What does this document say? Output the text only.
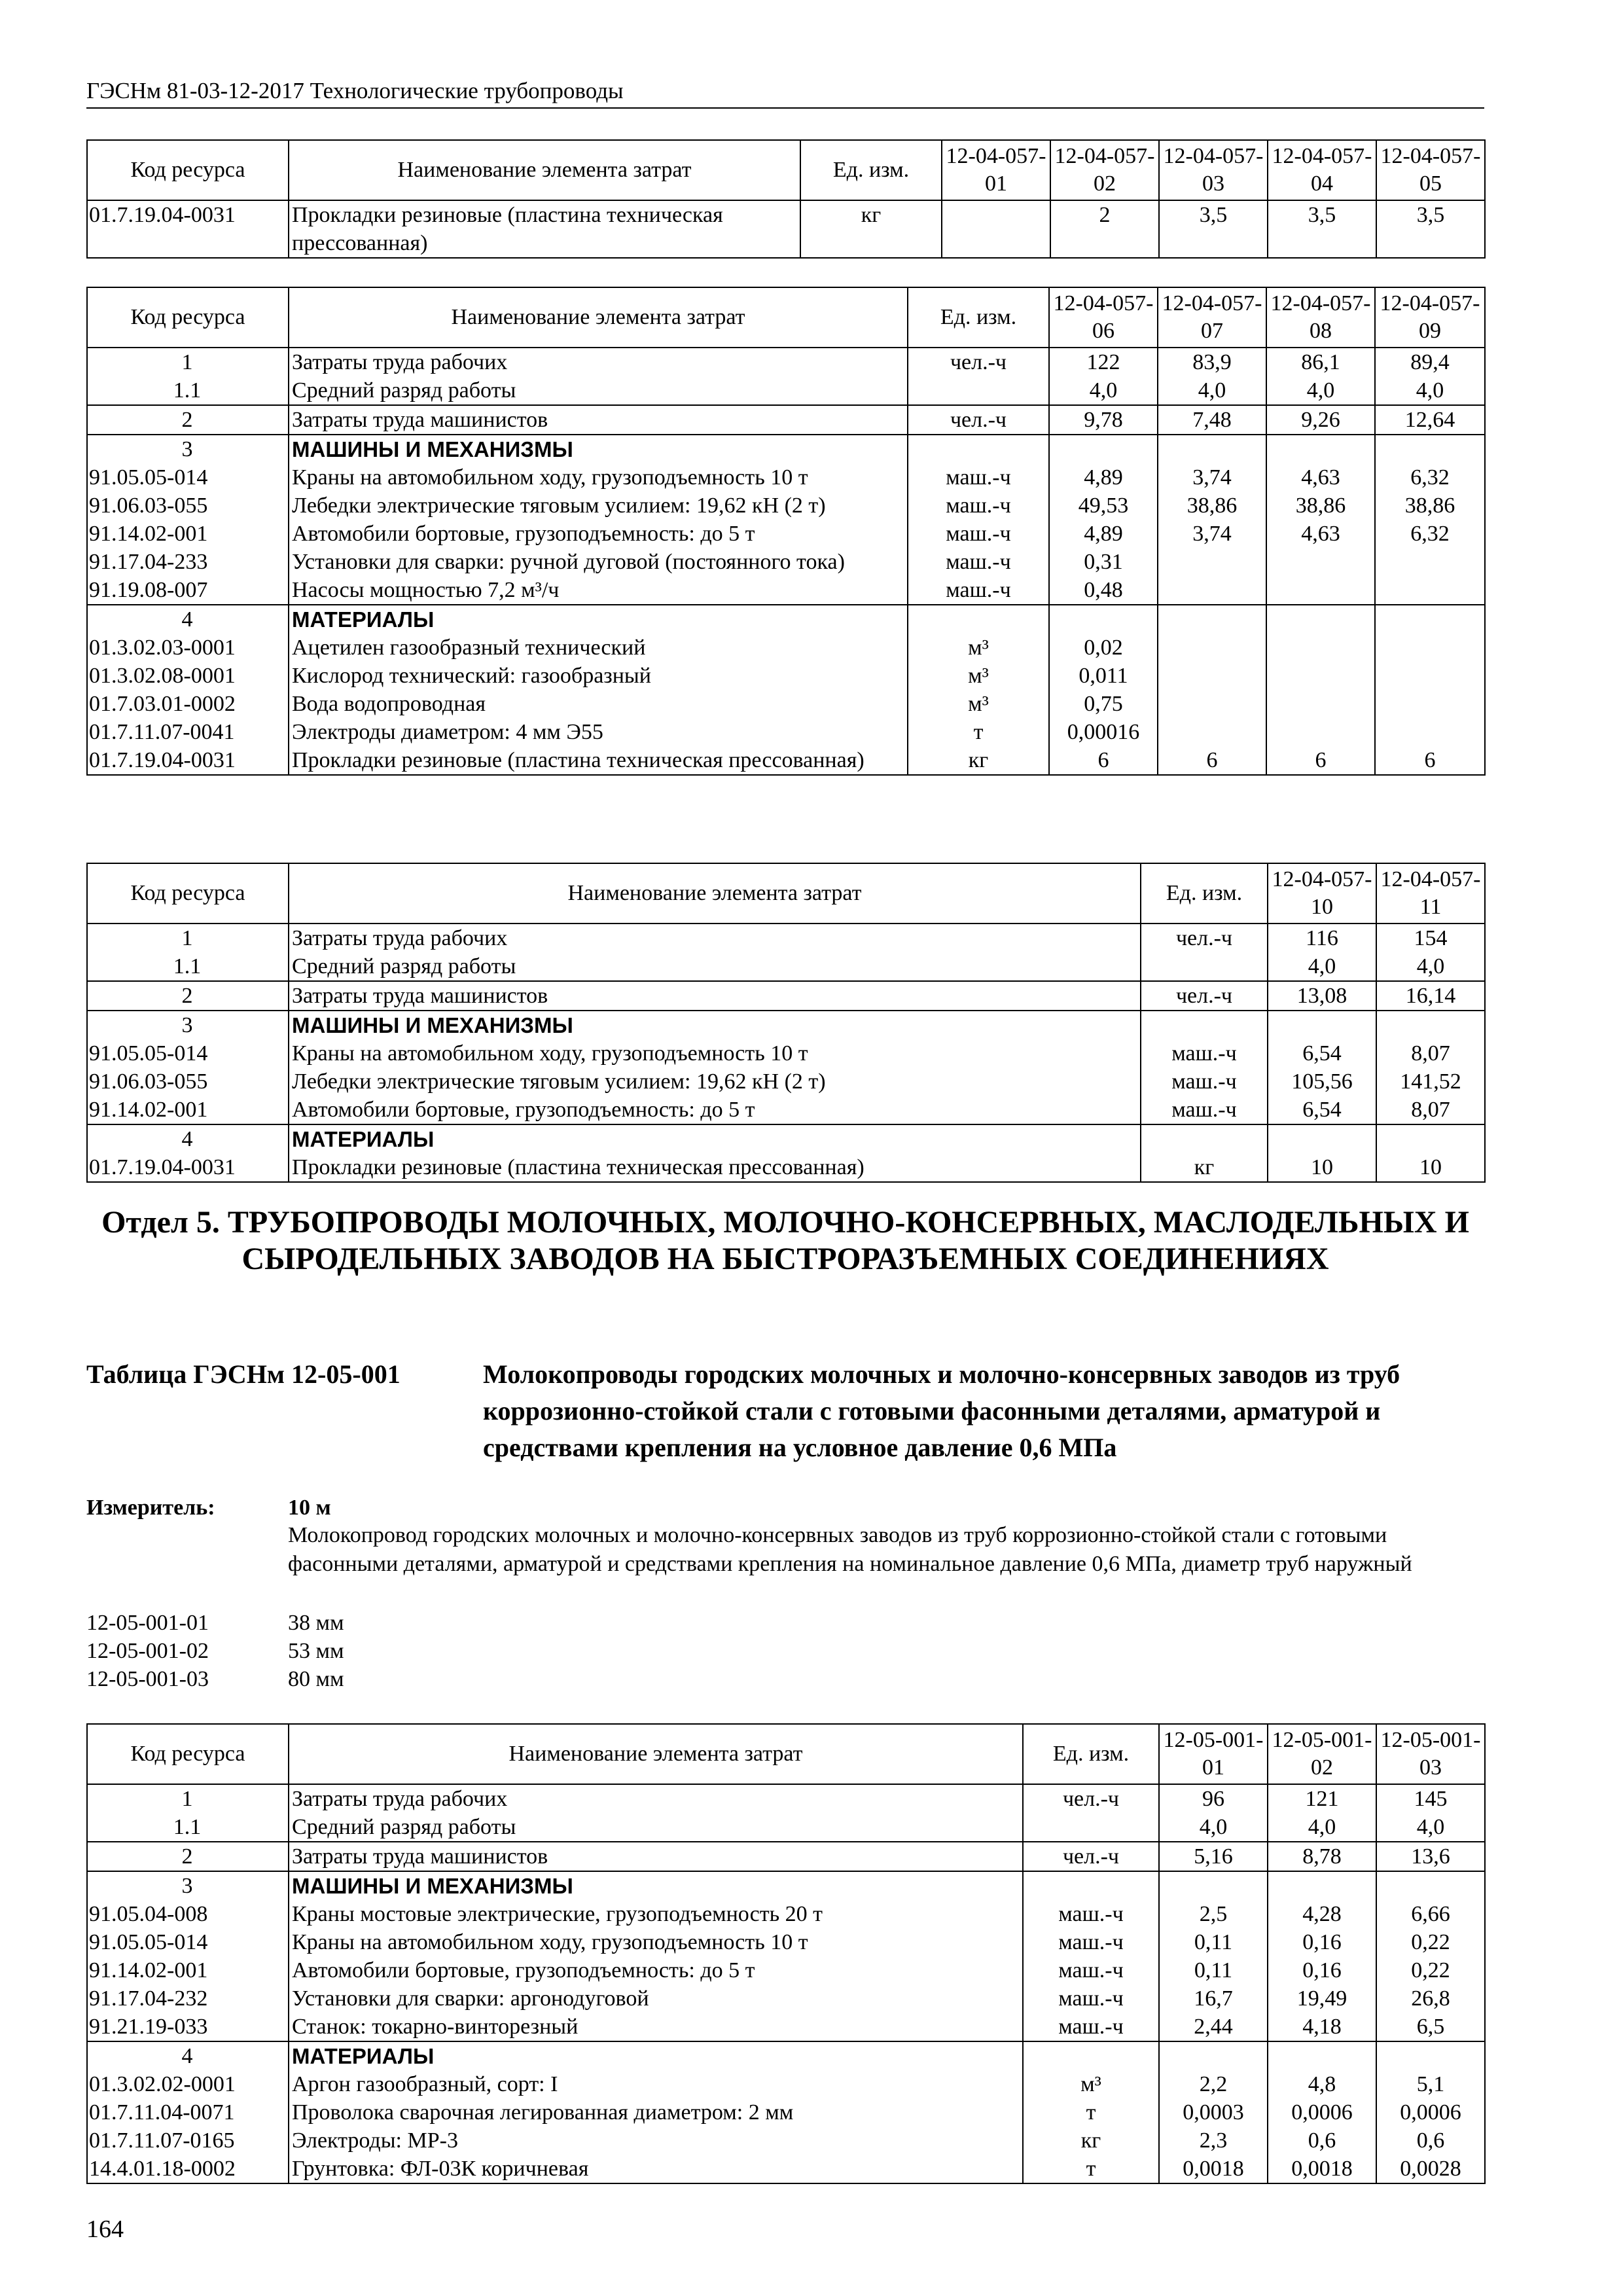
ГЭСНм 81-03-12-2017 Технологические трубопроводы
Код ресурса	Наименование элемента затрат	Ед. изм.	12-04-057-01	12-04-057-02	12-04-057-03	12-04-057-04	12-04-057-05
01.7.19.04-0031	Прокладки резиновые (пластина техническая прессованная)	кг		2	3,5	3,5	3,5
Код ресурса	Наименование элемента затрат	Ед. изм.	12-04-057-06	12-04-057-07	12-04-057-08	12-04-057-09
1	Затраты труда рабочих	чел.-ч	122	83,9	86,1	89,4
1.1	Средний разряд работы		4,0	4,0	4,0	4,0
2	Затраты труда машинистов	чел.-ч	9,78	7,48	9,26	12,64
3	МАШИНЫ И МЕХАНИЗМЫ					
91.05.05-014	Краны на автомобильном ходу, грузоподъемность 10 т	маш.-ч	4,89	3,74	4,63	6,32
91.06.03-055	Лебедки электрические тяговым усилием: 19,62 кН (2 т)	маш.-ч	49,53	38,86	38,86	38,86
91.14.02-001	Автомобили бортовые, грузоподъемность: до 5 т	маш.-ч	4,89	3,74	4,63	6,32
91.17.04-233	Установки для сварки: ручной дуговой (постоянного тока)	маш.-ч	0,31			
91.19.08-007	Насосы мощностью 7,2 м³/ч	маш.-ч	0,48			
4	МАТЕРИАЛЫ					
01.3.02.03-0001	Ацетилен газообразный технический	м³	0,02			
01.3.02.08-0001	Кислород технический: газообразный	м³	0,011			
01.7.03.01-0002	Вода водопроводная	м³	0,75			
01.7.11.07-0041	Электроды диаметром: 4 мм Э55	т	0,00016			
01.7.19.04-0031	Прокладки резиновые (пластина техническая прессованная)	кг	6	6	6	6
Код ресурса	Наименование элемента затрат	Ед. изм.	12-04-057-10	12-04-057-11
1	Затраты труда рабочих	чел.-ч	116	154
1.1	Средний разряд работы		4,0	4,0
2	Затраты труда машинистов	чел.-ч	13,08	16,14
3	МАШИНЫ И МЕХАНИЗМЫ			
91.05.05-014	Краны на автомобильном ходу, грузоподъемность 10 т	маш.-ч	6,54	8,07
91.06.03-055	Лебедки электрические тяговым усилием: 19,62 кН (2 т)	маш.-ч	105,56	141,52
91.14.02-001	Автомобили бортовые, грузоподъемность: до 5 т	маш.-ч	6,54	8,07
4	МАТЕРИАЛЫ			
01.7.19.04-0031	Прокладки резиновые (пластина техническая прессованная)	кг	10	10
Отдел 5. ТРУБОПРОВОДЫ МОЛОЧНЫХ, МОЛОЧНО-КОНСЕРВНЫХ, МАСЛОДЕЛЬНЫХ И СЫРОДЕЛЬНЫХ ЗАВОДОВ НА БЫСТРОРАЗЪЕМНЫХ СОЕДИНЕНИЯХ
Таблица ГЭСНм 12-05-001	Молокопроводы городских молочных и молочно-консервных заводов из труб коррозионно-стойкой стали с готовыми фасонными деталями, арматурой и средствами крепления на условное давление 0,6 МПа
Измеритель:	10 м
Молокопровод городских молочных и молочно-консервных заводов из труб коррозионно-стойкой стали с готовыми фасонными деталями, арматурой и средствами крепления на номинальное давление 0,6 МПа, диаметр труб наружный
12-05-001-01	38 мм
12-05-001-02	53 мм
12-05-001-03	80 мм
Код ресурса	Наименование элемента затрат	Ед. изм.	12-05-001-01	12-05-001-02	12-05-001-03
1	Затраты труда рабочих	чел.-ч	96	121	145
1.1	Средний разряд работы		4,0	4,0	4,0
2	Затраты труда машинистов	чел.-ч	5,16	8,78	13,6
3	МАШИНЫ И МЕХАНИЗМЫ				
91.05.04-008	Краны мостовые электрические, грузоподъемность 20 т	маш.-ч	2,5	4,28	6,66
91.05.05-014	Краны на автомобильном ходу, грузоподъемность 10 т	маш.-ч	0,11	0,16	0,22
91.14.02-001	Автомобили бортовые, грузоподъемность: до 5 т	маш.-ч	0,11	0,16	0,22
91.17.04-232	Установки для сварки: аргонодуговой	маш.-ч	16,7	19,49	26,8
91.21.19-033	Станок: токарно-винторезный	маш.-ч	2,44	4,18	6,5
4	МАТЕРИАЛЫ				
01.3.02.02-0001	Аргон газообразный, сорт: I	м³	2,2	4,8	5,1
01.7.11.04-0071	Проволока сварочная легированная диаметром: 2 мм	т	0,0003	0,0006	0,0006
01.7.11.07-0165	Электроды: МР-3	кг	2,3	0,6	0,6
14.4.01.18-0002	Грунтовка: ФЛ-03К коричневая	т	0,0018	0,0018	0,0028
164
